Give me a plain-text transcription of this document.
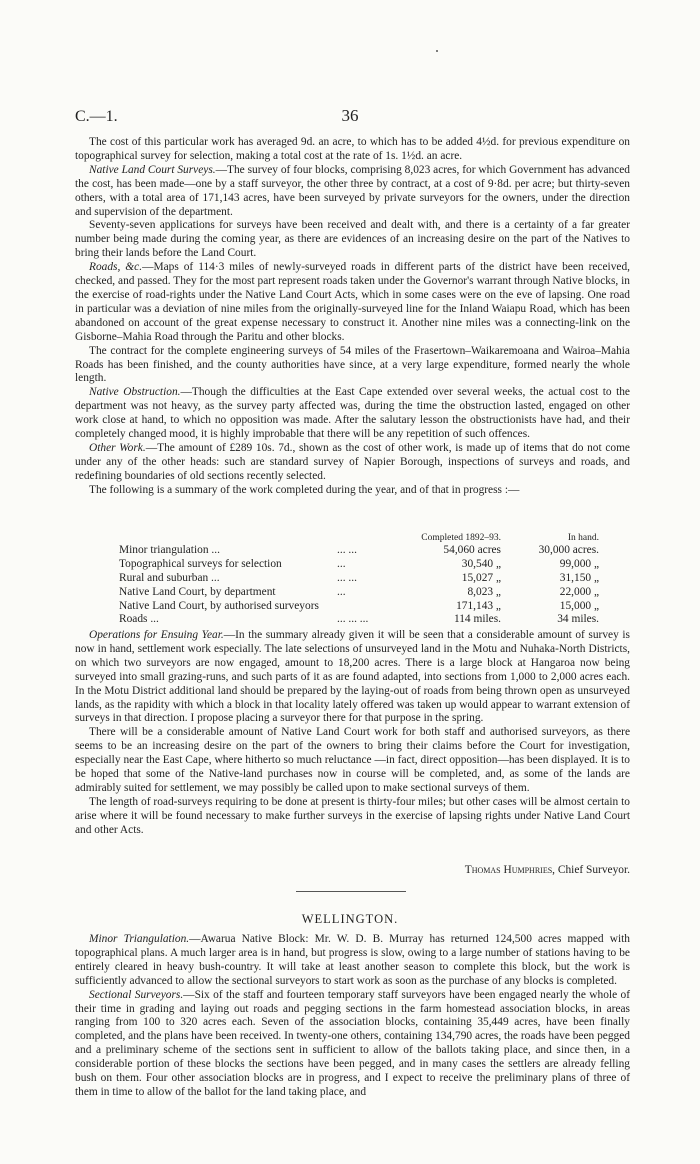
C.—1.	36

The cost of this particular work has averaged 9d. an acre, to which has to be added 4½d. for previous expenditure on topographical survey for selection, making a total cost at the rate of 1s. 1½d. an acre.

Native Land Court Surveys.—The survey of four blocks, comprising 8,023 acres, for which Government has advanced the cost, has been made—one by a staff surveyor, the other three by contract, at a cost of 9·8d. per acre; but thirty-seven others, with a total area of 171,143 acres, have been surveyed by private surveyors for the owners, under the direction and supervision of the department.

Seventy-seven applications for surveys have been received and dealt with, and there is a certainty of a far greater number being made during the coming year, as there are evidences of an increasing desire on the part of the Natives to bring their lands before the Land Court.

Roads, &c.—Maps of 114·3 miles of newly-surveyed roads in different parts of the district have been received, checked, and passed. They for the most part represent roads taken under the Governor's warrant through Native blocks, in the exercise of road-rights under the Native Land Court Acts, which in some cases were on the eve of lapsing. One road in particular was a deviation of nine miles from the originally-surveyed line for the Inland Waiapu Road, which has been abandoned on account of the great expense necessary to construct it. Another nine miles was a connecting-link on the Gisborne–Mahia Road through the Paritu and other blocks.

The contract for the complete engineering surveys of 54 miles of the Frasertown–Waikaremoana and Wairoa–Mahia Roads has been finished, and the county authorities have since, at a very large expenditure, formed nearly the whole length.

Native Obstruction.—Though the difficulties at the East Cape extended over several weeks, the actual cost to the department was not heavy, as the survey party affected was, during the time the obstruction lasted, engaged on other work close at hand, to which no opposition was made. After the salutary lesson the obstructionists have had, and their completely changed mood, it is highly improbable that there will be any repetition of such offences.

Other Work.—The amount of £289 10s. 7d., shown as the cost of other work, is made up of items that do not come under any of the other heads: such are standard survey of Napier Borough, inspections of surveys and roads, and redefining boundaries of old sections recently selected.

The following is a summary of the work completed during the year, and of that in progress :—

Completed 1892–93.	In hand.
Minor triangulation ...	... ...	54,060 acres	30,000 acres.
Topographical surveys for selection	...	30,540 „	99,000 „
Rural and suburban ...	... ...	15,027 „	31,150 „
Native Land Court, by department	...	8,023 „	22,000 „
Native Land Court, by authorised surveyors	171,143 „	15,000 „
Roads ...	... ... ...	114 miles.	34 miles.

Operations for Ensuing Year.—In the summary already given it will be seen that a considerable amount of survey is now in hand, settlement work especially. The late selections of unsurveyed land in the Motu and Nuhaka-North Districts, on which two surveyors are now engaged, amount to 18,200 acres. There is a large block at Hangaroa now being surveyed into small grazing-runs, and such parts of it as are found adapted, into sections from 1,000 to 2,000 acres each. In the Motu District additional land should be prepared by the laying-out of roads from being thrown open as unsurveyed lands, as the rapidity with which a block in that locality lately offered was taken up would appear to warrant extension of surveys in that direction. I propose placing a surveyor there for that purpose in the spring.

There will be a considerable amount of Native Land Court work for both staff and authorised surveyors, as there seems to be an increasing desire on the part of the owners to bring their claims before the Court for investigation, especially near the East Cape, where hitherto so much reluctance —in fact, direct opposition—has been displayed. It is to be hoped that some of the Native-land purchases now in course will be completed, and, as some of the lands are admirably suited for settlement, we may possibly be called upon to make sectional surveys of them.

The length of road-surveys requiring to be done at present is thirty-four miles; but other cases will be almost certain to arise where it will be found necessary to make further surveys in the exercise of lapsing rights under Native Land Court and other Acts.

Thomas Humphries, Chief Surveyor.
WELLINGTON.

Minor Triangulation.—Awarua Native Block: Mr. W. D. B. Murray has returned 124,500 acres mapped with topographical plans. A much larger area is in hand, but progress is slow, owing to a large number of stations having to be entirely cleared in heavy bush-country. It will take at least another season to complete this block, but the work is sufficiently advanced to allow the sectional surveyors to start work as soon as the purchase of any blocks is completed.

Sectional Surveyors.—Six of the staff and fourteen temporary staff surveyors have been engaged nearly the whole of their time in grading and laying out roads and pegging sections in the farm homestead association blocks, in areas ranging from 100 to 320 acres each. Seven of the association blocks, containing 35,449 acres, have been finally completed, and the plans have been received. In twenty-one others, containing 134,790 acres, the roads have been pegged and a preliminary scheme of the sections sent in sufficient to allow of the ballots taking place, and since then, in a considerable portion of these blocks the sections have been pegged, and in many cases the settlers are already felling bush on them. Four other association blocks are in progress, and I expect to receive the preliminary plans of three of them in time to allow of the ballot for the land taking place, and
